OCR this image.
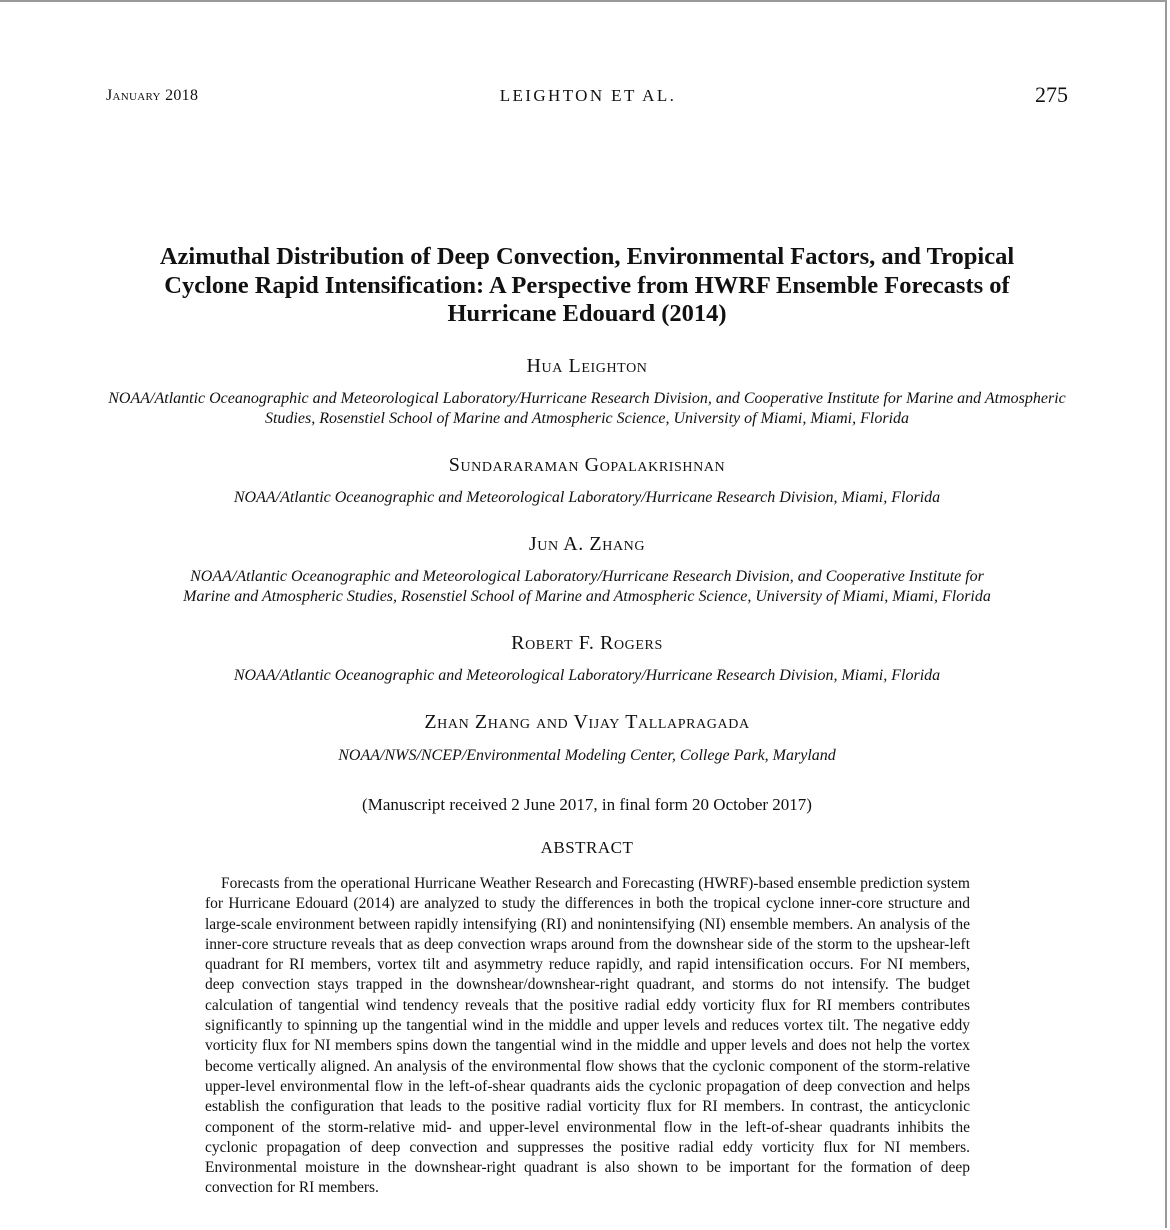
January 2018	LEIGHTON ET AL.	275
Azimuthal Distribution of Deep Convection, Environmental Factors, and Tropical Cyclone Rapid Intensification: A Perspective from HWRF Ensemble Forecasts of Hurricane Edouard (2014)
Hua Leighton
NOAA/Atlantic Oceanographic and Meteorological Laboratory/Hurricane Research Division, and Cooperative Institute for Marine and Atmospheric Studies, Rosenstiel School of Marine and Atmospheric Science, University of Miami, Miami, Florida
Sundararaman Gopalakrishnan
NOAA/Atlantic Oceanographic and Meteorological Laboratory/Hurricane Research Division, Miami, Florida
Jun A. Zhang
NOAA/Atlantic Oceanographic and Meteorological Laboratory/Hurricane Research Division, and Cooperative Institute for Marine and Atmospheric Studies, Rosenstiel School of Marine and Atmospheric Science, University of Miami, Miami, Florida
Robert F. Rogers
NOAA/Atlantic Oceanographic and Meteorological Laboratory/Hurricane Research Division, Miami, Florida
Zhan Zhang and Vijay Tallapragada
NOAA/NWS/NCEP/Environmental Modeling Center, College Park, Maryland
(Manuscript received 2 June 2017, in final form 20 October 2017)
ABSTRACT
Forecasts from the operational Hurricane Weather Research and Forecasting (HWRF)-based ensemble prediction system for Hurricane Edouard (2014) are analyzed to study the differences in both the tropical cyclone inner-core structure and large-scale environment between rapidly intensifying (RI) and nonintensifying (NI) ensemble members. An analysis of the inner-core structure reveals that as deep convection wraps around from the downshear side of the storm to the upshear-left quadrant for RI members, vortex tilt and asymmetry reduce rapidly, and rapid intensification occurs. For NI members, deep convection stays trapped in the downshear/downshear-right quadrant, and storms do not intensify. The budget calculation of tangential wind tendency reveals that the positive radial eddy vorticity flux for RI members contributes significantly to spinning up the tangential wind in the middle and upper levels and reduces vortex tilt. The negative eddy vorticity flux for NI members spins down the tangential wind in the middle and upper levels and does not help the vortex become vertically aligned. An analysis of the environmental flow shows that the cyclonic component of the storm-relative upper-level environmental flow in the left-of-shear quadrants aids the cyclonic propagation of deep convection and helps establish the configuration that leads to the positive radial vorticity flux for RI members. In contrast, the anticyclonic component of the storm-relative mid- and upper-level environmental flow in the left-of-shear quadrants inhibits the cyclonic propagation of deep convection and suppresses the positive radial eddy vorticity flux for NI members. Environmental moisture in the downshear-right quadrant is also shown to be important for the formation of deep convection for RI members.
